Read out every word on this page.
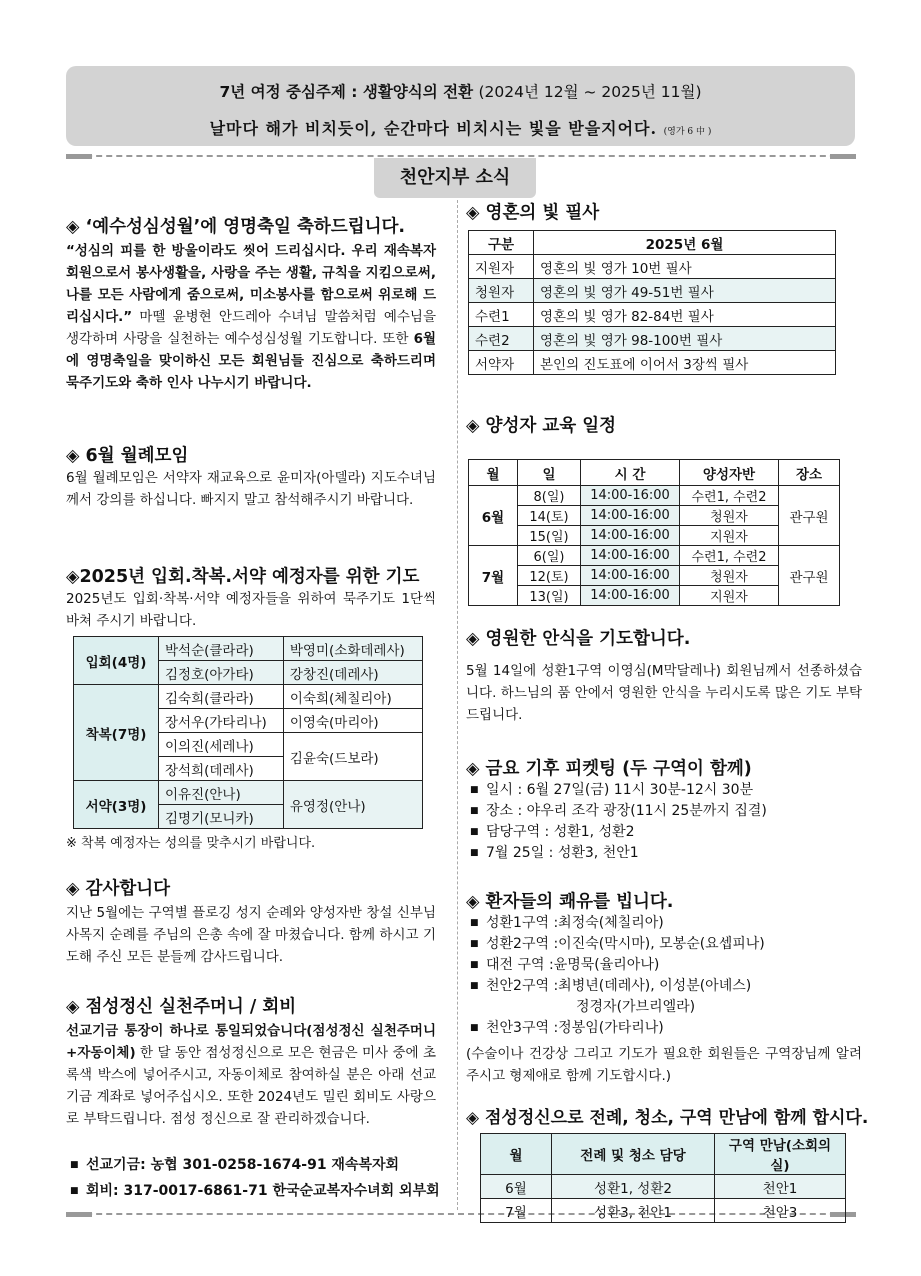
7년 여정 중심주제 : 생활양식의 전환 (2024년 12월 ~ 2025년 11월)
날마다 해가 비치듯이, 순간마다 비치시는 빛을 받을지어다. (영가 6 中 )
천안지부 소식
◈ ‘예수성심성월’에 영명축일 축하드립니다.
“성심의 피를 한 방울이라도 씻어 드리십시다. 우리 재속복자회원으로서 봉사생활을, 사랑을 주는 생활, 규칙을 지킴으로써, 나를 모든 사람에게 줌으로써, 미소봉사를 함으로써 위로해 드리십시다.” 마뗄 윤병현 안드레아 수녀님 말씀처럼 예수님을 생각하며 사랑을 실천하는 예수성심성월 기도합니다. 또한 6월에 영명축일을 맞이하신 모든 회원님들 진심으로 축하드리며 묵주기도와 축하 인사 나누시기 바랍니다.
◈ 6월 월례모임
6월 월례모임은 서약자 재교육으로 윤미자(아델라) 지도수녀님께서 강의를 하십니다. 빠지지 말고 참석해주시기 바랍니다.
◈2025년 입회.착복.서약 예정자를 위한 기도
2025년도 입회·착복·서약 예정자들을 위하여 묵주기도 1단씩 바쳐 주시기 바랍니다.
입회(4명)	박석순(클라라)	박영미(소화데레사)
	김정호(아가타)	강창진(데레사)
착복(7명)	김숙희(클라라)	이숙희(체칠리아)
	장서우(가타리나)	이영숙(마리아)
	이의진(세레나)	김윤숙(드보라)
	장석희(데레사)	
서약(3명)	이유진(안나)	유영정(안나)
	김명기(모니카)	
※ 착복 예정자는 성의를 맞추시기 바랍니다.
◈ 감사합니다
지난 5월에는 구역별 플로깅 성지 순례와 양성자반 창설 신부님 사목지 순례를 주님의 은총 속에 잘 마쳤습니다. 함께 하시고 기도해 주신 모든 분들께 감사드립니다.
◈ 점성정신 실천주머니 / 회비
선교기금 통장이 하나로 통일되었습니다(점성정신 실천주머니+자동이체) 한 달 동안 점성정신으로 모은 현금은 미사 중에 초록색 박스에 넣어주시고, 자동이체로 참여하실 분은 아래 선교기금 계좌로 넣어주십시오. 또한 2024년도 밀린 회비도 사랑으로 부탁드립니다. 점성 정신으로 잘 관리하겠습니다.
■ 선교기금: 농협 301-0258-1674-91 재속복자회
■ 회비: 317-0017-6861-71 한국순교복자수녀회 외부회
◈ 영혼의 빛 필사
구분	2025년 6월
지원자	영혼의 빛 영가 10번 필사
청원자	영혼의 빛 영가 49-51번 필사
수련1	영혼의 빛 영가 82-84번 필사
수련2	영혼의 빛 영가 98-100번 필사
서약자	본인의 진도표에 이어서 3장씩 필사
◈ 양성자 교육 일정
월	일	시 간	양성자반	장소
6월	8(일)	14:00-16:00	수련1, 수련2	관구원
	14(토)	14:00-16:00	청원자	
	15(일)	14:00-16:00	지원자	
7월	6(일)	14:00-16:00	수련1, 수련2	관구원
	12(토)	14:00-16:00	청원자	
	13(일)	14:00-16:00	지원자	
◈ 영원한 안식을 기도합니다.
5월 14일에 성환1구역 이영심(M막달레나) 회원님께서 선종하셨습니다. 하느님의 품 안에서 영원한 안식을 누리시도록 많은 기도 부탁드립니다.
◈ 금요 기후 피켓팅 (두 구역이 함께)
■ 일시 : 6월 27일(금) 11시 30분-12시 30분
■ 장소 : 야우리 조각 광장(11시 25분까지 집결)
■ 담당구역 : 성환1, 성환2
■ 7월 25일 : 성환3, 천안1
◈ 환자들의 쾌유를 빕니다.
■ 성환1구역 : 최정숙(체칠리아)
■ 성환2구역 : 이진숙(막시마), 모봉순(요셉피나)
■ 대전 구역 : 윤명묵(율리아나)
■ 천안2구역 : 최병년(데레사), 이성분(아녜스)
정경자(가브리엘라)
■ 천안3구역 : 정봉임(가타리나)
(수술이나 건강상 그리고 기도가 필요한 회원들은 구역장님께 알려주시고 형제애로 함께 기도합시다.)
◈ 점성정신으로 전례, 청소, 구역 만남에 함께 합시다.
월	전례 및 청소 담당	구역 만남(소회의실)
6월	성환1, 성환2	천안1
7월	성환3, 천안1	천안3
